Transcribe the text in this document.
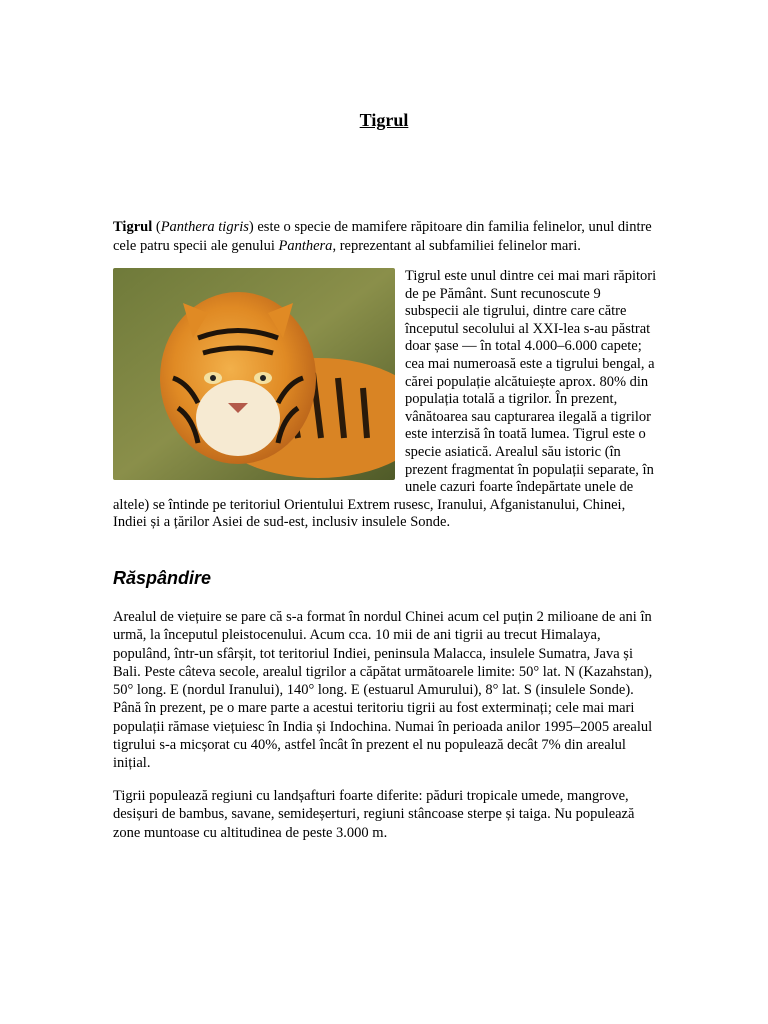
Tigrul

Tigrul (Panthera tigris) este o specie de mamifere răpitoare din familia felinelor, unul dintre cele patru specii ale genului Panthera, reprezentant al subfamiliei felinelor mari.

Tigrul este unul dintre cei mai mari răpitori de pe Pământ. Sunt recunoscute 9 subspecii ale tigrului, dintre care către începutul secolului al XXI-lea s-au păstrat doar șase — în total 4.000–6.000 capete; cea mai numeroasă este a tigrului bengal, a cărei populație alcătuiește aprox. 80% din populația totală a tigrilor. În prezent, vânătoarea sau capturarea ilegală a tigrilor este interzisă în toată lumea. Tigrul este o specie asiatică. Arealul său istoric (în prezent fragmentat în populații separate, în unele cazuri foarte îndepărtate unele de altele) se întinde pe teritoriul Orientului Extrem rusesc, Iranului, Afganistanului, Chinei, Indiei și a țărilor Asiei de sud-est, inclusiv insulele Sonde.

Răspândire

Arealul de viețuire se pare că s-a format în nordul Chinei acum cel puțin 2 milioane de ani în urmă, la începutul pleistocenului. Acum cca. 10 mii de ani tigrii au trecut Himalaya, populând, într-un sfârșit, tot teritoriul Indiei, peninsula Malacca, insulele Sumatra, Java și Bali. Peste câteva secole, arealul tigrilor a căpătat următoarele limite: 50° lat. N (Kazahstan), 50° long. E (nordul Iranului), 140° long. E (estuarul Amurului), 8° lat. S (insulele Sonde). Până în prezent, pe o mare parte a acestui teritoriu tigrii au fost exterminați; cele mai mari populații rămase viețuiesc în India și Indochina. Numai în perioada anilor 1995–2005 arealul tigrului s-a micșorat cu 40%, astfel încât în prezent el nu populează decât 7% din arealul inițial.

Tigrii populează regiuni cu landșafturi foarte diferite: păduri tropicale umede, mangrove, desișuri de bambus, savane, semideșerturi, regiuni stâncoase sterpe și taiga. Nu populează zone muntoase cu altitudinea de peste 3.000 m.
